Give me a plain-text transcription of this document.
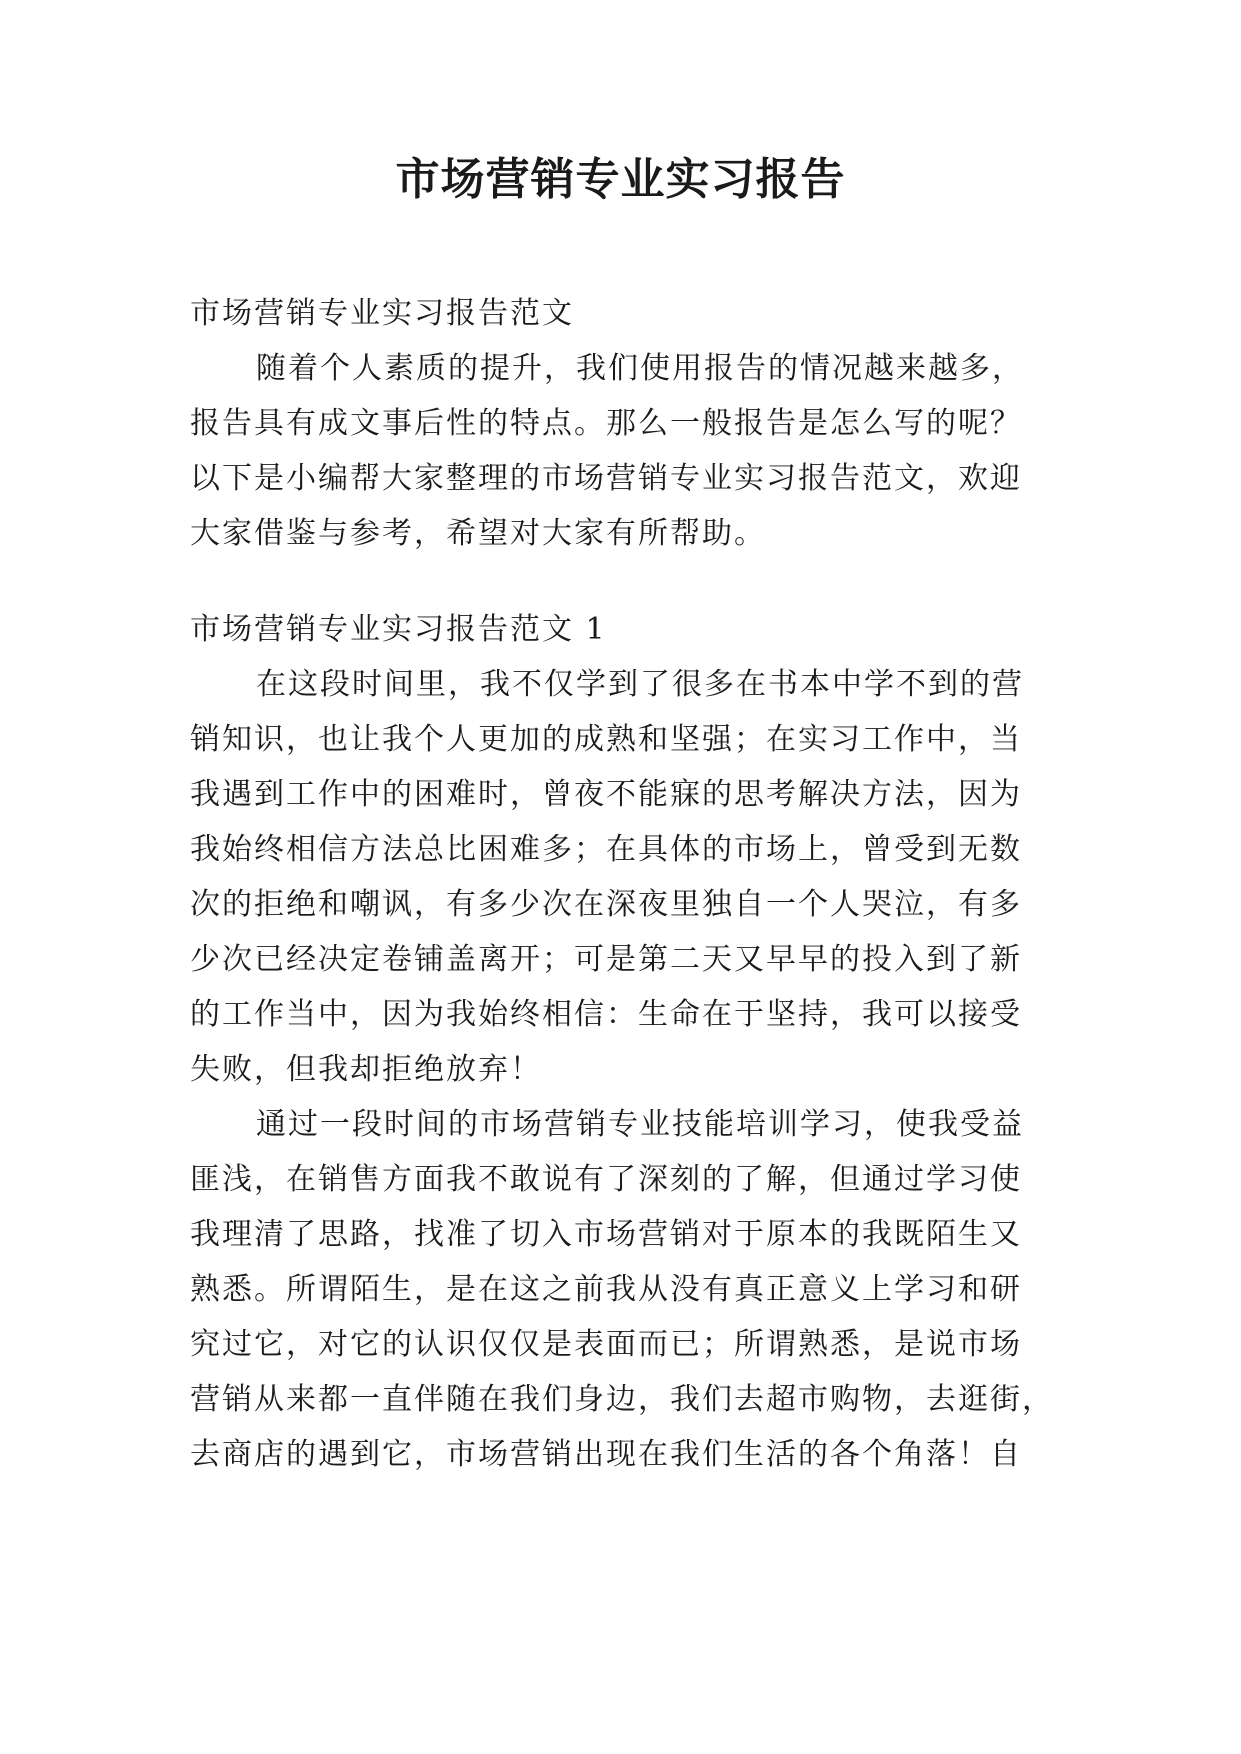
市场营销专业实习报告
市场营销专业实习报告范文
随着个人素质的提升，我们使用报告的情况越来越多，
报告具有成文事后性的特点。那么一般报告是怎么写的呢？
以下是小编帮大家整理的市场营销专业实习报告范文，欢迎
大家借鉴与参考，希望对大家有所帮助。
市场营销专业实习报告范文 1
在这段时间里，我不仅学到了很多在书本中学不到的营
销知识，也让我个人更加的成熟和坚强；在实习工作中，当
我遇到工作中的困难时，曾夜不能寐的思考解决方法，因为
我始终相信方法总比困难多；在具体的市场上，曾受到无数
次的拒绝和嘲讽，有多少次在深夜里独自一个人哭泣，有多
少次已经决定卷铺盖离开；可是第二天又早早的投入到了新
的工作当中，因为我始终相信：生命在于坚持，我可以接受
失败，但我却拒绝放弃！
通过一段时间的市场营销专业技能培训学习，使我受益
匪浅，在销售方面我不敢说有了深刻的了解，但通过学习使
我理清了思路，找准了切入市场营销对于原本的我既陌生又
熟悉。所谓陌生，是在这之前我从没有真正意义上学习和研
究过它，对它的认识仅仅是表面而已；所谓熟悉，是说市场
营销从来都一直伴随在我们身边，我们去超市购物，去逛街，
去商店的遇到它，市场营销出现在我们生活的各个角落！自
